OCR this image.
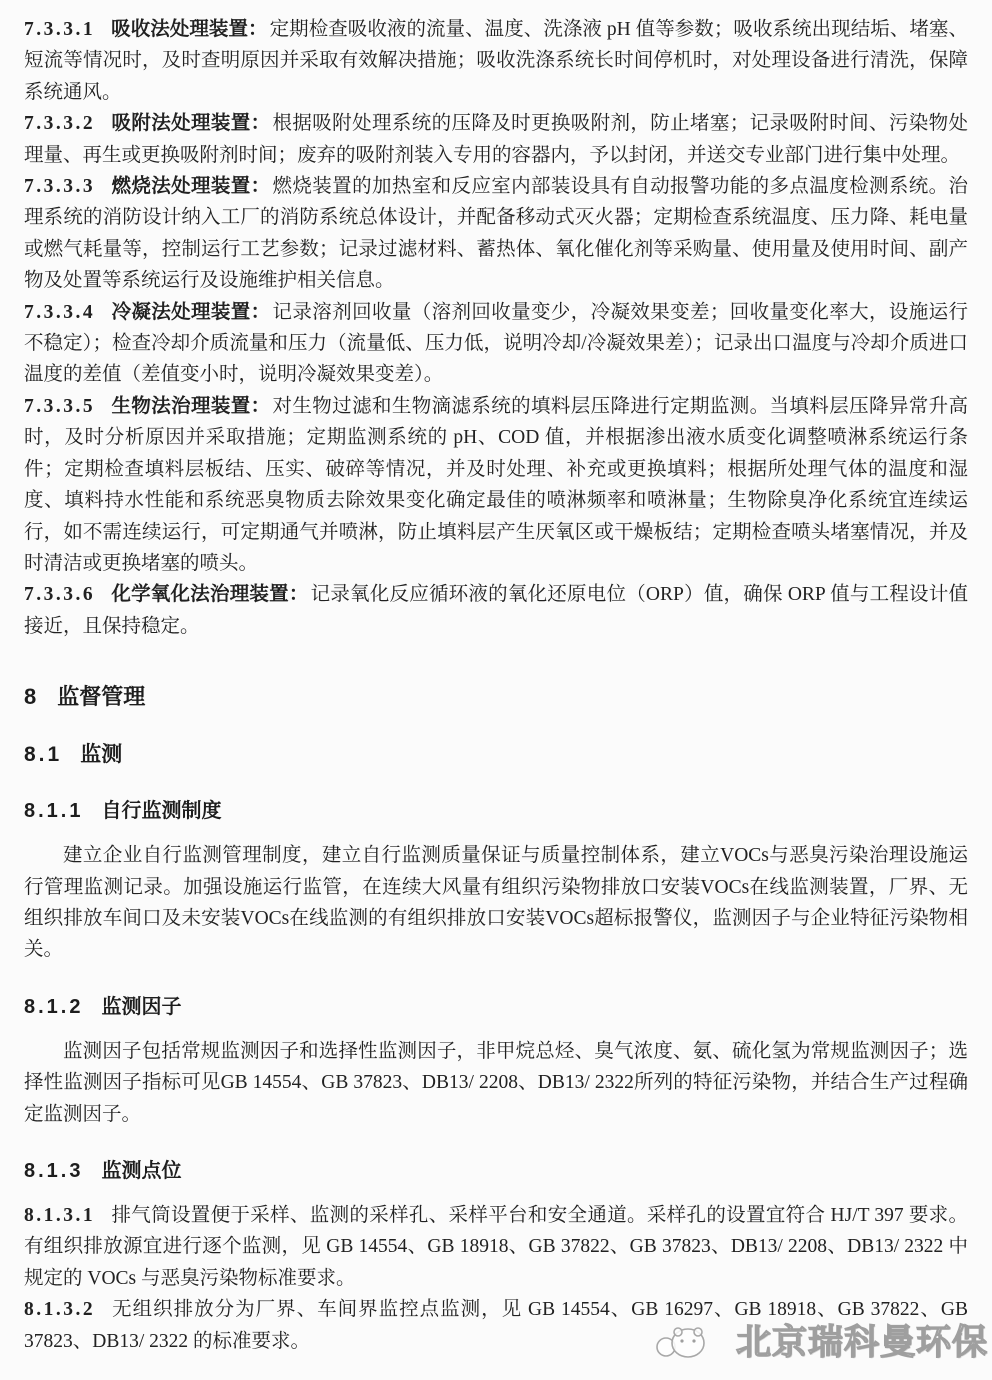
7.3.3.1 吸收法处理装置： 定期检查吸收液的流量、温度、洗涤液 pH 值等参数；吸收系统出现结垢、堵塞、短流等情况时，及时查明原因并采取有效解决措施；吸收洗涤系统长时间停机时，对处理设备进行清洗，保障系统通风。

7.3.3.2 吸附法处理装置： 根据吸附处理系统的压降及时更换吸附剂，防止堵塞；记录吸附时间、污染物处理量、再生或更换吸附剂时间；废弃的吸附剂装入专用的容器内，予以封闭，并送交专业部门进行集中处理。

7.3.3.3 燃烧法处理装置： 燃烧装置的加热室和反应室内部装设具有自动报警功能的多点温度检测系统。治理系统的消防设计纳入工厂的消防系统总体设计，并配备移动式灭火器；定期检查系统温度、压力降、耗电量或燃气耗量等，控制运行工艺参数；记录过滤材料、蓄热体、氧化催化剂等采购量、使用量及使用时间、副产物及处置等系统运行及设施维护相关信息。

7.3.3.4 冷凝法处理装置： 记录溶剂回收量（溶剂回收量变少，冷凝效果变差；回收量变化率大，设施运行不稳定）；检查冷却介质流量和压力（流量低、压力低，说明冷却/冷凝效果差）；记录出口温度与冷却介质进口温度的差值（差值变小时，说明冷凝效果变差）。

7.3.3.5 生物法治理装置： 对生物过滤和生物滴滤系统的填料层压降进行定期监测。当填料层压降异常升高时，及时分析原因并采取措施；定期监测系统的 pH、COD 值，并根据渗出液水质变化调整喷淋系统运行条件；定期检查填料层板结、压实、破碎等情况，并及时处理、补充或更换填料；根据所处理气体的温度和湿度、填料持水性能和系统恶臭物质去除效果变化确定最佳的喷淋频率和喷淋量；生物除臭净化系统宜连续运行，如不需连续运行，可定期通气并喷淋，防止填料层产生厌氧区或干燥板结；定期检查喷头堵塞情况，并及时清洁或更换堵塞的喷头。

7.3.3.6 化学氧化法治理装置： 记录氧化反应循环液的氧化还原电位（ORP）值，确保 ORP 值与工程设计值接近，且保持稳定。

8 监督管理
8.1 监测
8.1.1 自行监测制度

建立企业自行监测管理制度，建立自行监测质量保证与质量控制体系，建立VOCs与恶臭污染治理设施运行管理监测记录。加强设施运行监管，在连续大风量有组织污染物排放口安装VOCs在线监测装置，厂界、无组织排放车间口及未安装VOCs在线监测的有组织排放口安装VOCs超标报警仪，监测因子与企业特征污染物相关。

8.1.2 监测因子

监测因子包括常规监测因子和选择性监测因子，非甲烷总烃、臭气浓度、氨、硫化氢为常规监测因子；选择性监测因子指标可见GB 14554、GB 37823、DB13/ 2208、DB13/ 2322所列的特征污染物，并结合生产过程确定监测因子。

8.1.3 监测点位

8.1.3.1 排气筒设置便于采样、监测的采样孔、采样平台和安全通道。采样孔的设置宜符合 HJ/T 397 要求。有组织排放源宜进行逐个监测，见 GB 14554、GB 18918、GB 37822、GB 37823、DB13/ 2208、DB13/ 2322 中规定的 VOCs 与恶臭污染物标准要求。

8.1.3.2 无组织排放分为厂界、车间界监控点监测，见 GB 14554、GB 16297、GB 18918、GB 37822、GB 37823、DB13/ 2322 的标准要求。	北京瑞科曼环保
